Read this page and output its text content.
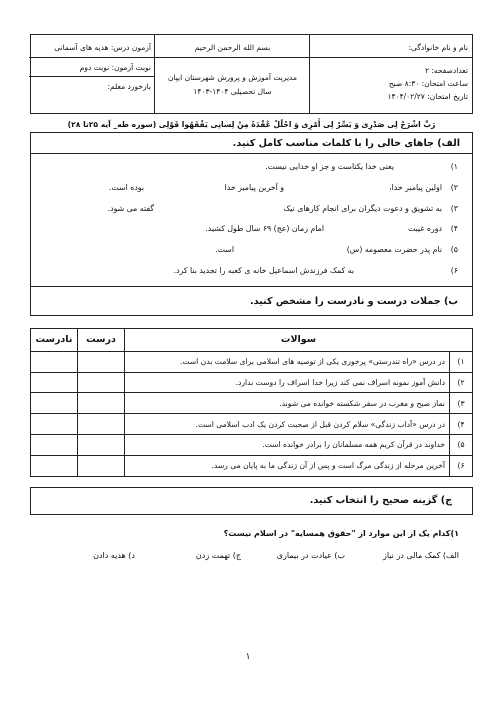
نام و نام خانوادگی:
تعدادصفحه: ۲
ساعت امتحان: ۸:۳۰ صبح
تاریخ امتحان: ۱۴۰۴/۰۲/۲۷
بسم الله الرحمن الرحیم
مدیریت آموزش و پرورش شهرستان ایپان
سال تحصیلی ۱۴۰۴-۱۴۰۳
آزمون درس: هدیه های آسمانی
نوبت آزمون: نوبت دوم
بازخورد معلم:
رَبِّ اشْرَحْ لِی صَدْرِی وَ یَسِّرْ لِی أَمْرِی وَ احْلُلْ عُقْدَةً مِنْ لِسانِی یَفْقَهُوا قَوْلِی (سوره طه_ آیه ۲۵تا ۲۸)
الف) جاهای خالی را با کلمات مناسب کامل کنید.
۱)
یعنی خدا یکتاست و جز او خدایی نیست.
۲)
اولین پیامبر خدا،
و آخرین پیامبر خدا
بوده است.
۳)
به تشویق و دعوت دیگران برای انجام کارهای نیک
گفته می شود.
۴)
دوره غیبت
امام زمان (عج) ۶۹ سال طول کشید.
۵)
نام پدر حضرت معصومه (س)
است.
۶)
به کمک فرزندش اسماعیل خانه ی کعبه را تجدید بنا کرد.
ب) جملات درست و نادرست را مشخص کنید.
سوالات		درست	نادرست
۱)	در درس «راه تندرستی» پرخوری یکی از توصیه های اسلامی برای سلامت بدن است.		
۲)	دانش آموز نمونه اسراف نمی کند زیرا خدا اسراف را دوست ندارد.		
۳)	نماز صبح و مغرب در سفر شکسته خوانده می شوند.		
۴)	در درس «آداب زندگی» سلام کردن قبل از صحبت کردن یک ادب اسلامی است.		
۵)	خداوند در قرآن کریم همه مسلمانان را برادر خوانده است.		
۶)	آخرین مرحله از زندگی مرگ است و پس از آن زندگی ما به پایان می رسد.		
ج) گزینه صحیح را انتخاب کنید.
۱)کدام یک از این موارد از "حقوق همسایه" در اسلام نیست؟
الف) کمک مالی در نیاز
ب) عیادت در بیماری
ج) تهمت زدن
د) هدیه دادن
۱
